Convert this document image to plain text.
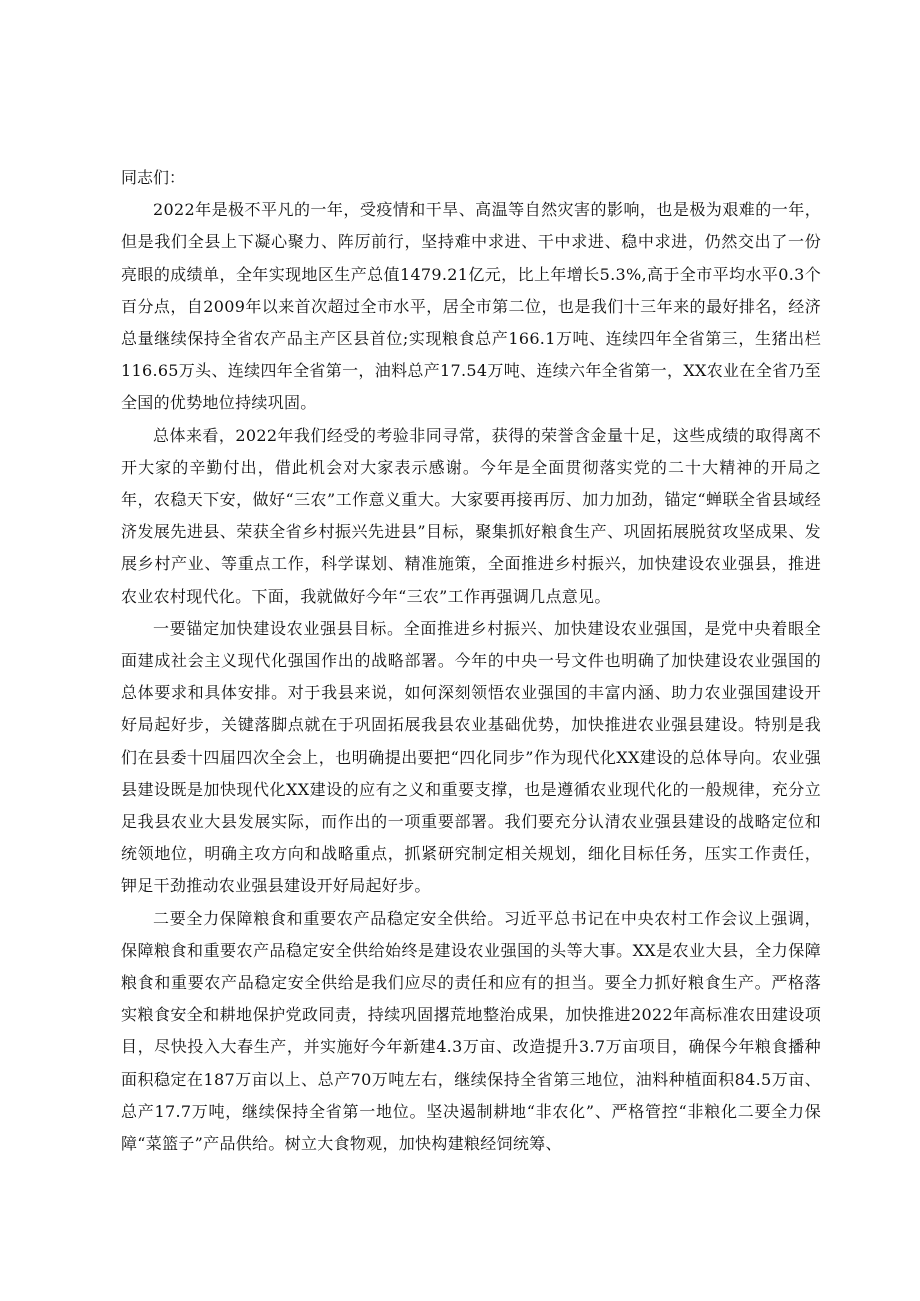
同志们：

2022年是极不平凡的一年，受疫情和干旱、高温等自然灾害的影响，也是极为艰难的一年，但是我们全县上下凝心聚力、阵厉前行，坚持难中求进、干中求进、稳中求进，仍然交出了一份亮眼的成绩单，全年实现地区生产总值1479.21亿元，比上年增长5.3%,高于全市平均水平0.3个百分点，自2009年以来首次超过全市水平，居全市第二位，也是我们十三年来的最好排名，经济总量继续保持全省农产品主产区县首位;实现粮食总产166.1万吨、连续四年全省第三，生猪出栏116.65万头、连续四年全省第一，油料总产17.54万吨、连续六年全省第一，XX农业在全省乃至全国的优势地位持续巩固。

总体来看，2022年我们经受的考验非同寻常，获得的荣誉含金量十足，这些成绩的取得离不开大家的辛勤付出，借此机会对大家表示感谢。今年是全面贯彻落实党的二十大精神的开局之年，农稳天下安，做好“三农”工作意义重大。大家要再接再厉、加力加劲，锚定“蝉联全省县域经济发展先进县、荣获全省乡村振兴先进县”目标，聚集抓好粮食生产、巩固拓展脱贫攻坚成果、发展乡村产业、等重点工作，科学谋划、精准施策，全面推进乡村振兴，加快建设农业强县，推进农业农村现代化。下面，我就做好今年“三农”工作再强调几点意见。

一要锚定加快建设农业强县目标。全面推进乡村振兴、加快建设农业强国，是党中央着眼全面建成社会主义现代化强国作出的战略部署。今年的中央一号文件也明确了加快建设农业强国的总体要求和具体安排。对于我县来说，如何深刻领悟农业强国的丰富内涵、助力农业强国建设开好局起好步，关键落脚点就在于巩固拓展我县农业基础优势，加快推进农业强县建设。特别是我们在县委十四届四次全会上，也明确提出要把“四化同步”作为现代化XX建设的总体导向。农业强县建设既是加快现代化XX建设的应有之义和重要支撑，也是遵循农业现代化的一般规律，充分立足我县农业大县发展实际，而作出的一项重要部署。我们要充分认清农业强县建设的战略定位和统领地位，明确主攻方向和战略重点，抓紧研究制定相关规划，细化目标任务，压实工作责任，钾足干劲推动农业强县建设开好局起好步。

二要全力保障粮食和重要农产品稳定安全供给。习近平总书记在中央农村工作会议上强调，保障粮食和重要农产品稳定安全供给始终是建设农业强国的头等大事。XX是农业大县，全力保障粮食和重要农产品稳定安全供给是我们应尽的责任和应有的担当。要全力抓好粮食生产。严格落实粮食安全和耕地保护党政同责，持续巩固撂荒地整治成果，加快推进2022年高标准农田建设项目，尽快投入大春生产，并实施好今年新建4.3万亩、改造提升3.7万亩项目，确保今年粮食播种面积稳定在187万亩以上、总产70万吨左右，继续保持全省第三地位，油料种植面积84.5万亩、总产17.7万吨，继续保持全省第一地位。坚决遏制耕地“非农化”、严格管控“非粮化二要全力保障“菜篮子”产品供给。树立大食物观，加快构建粮经饲统筹、
